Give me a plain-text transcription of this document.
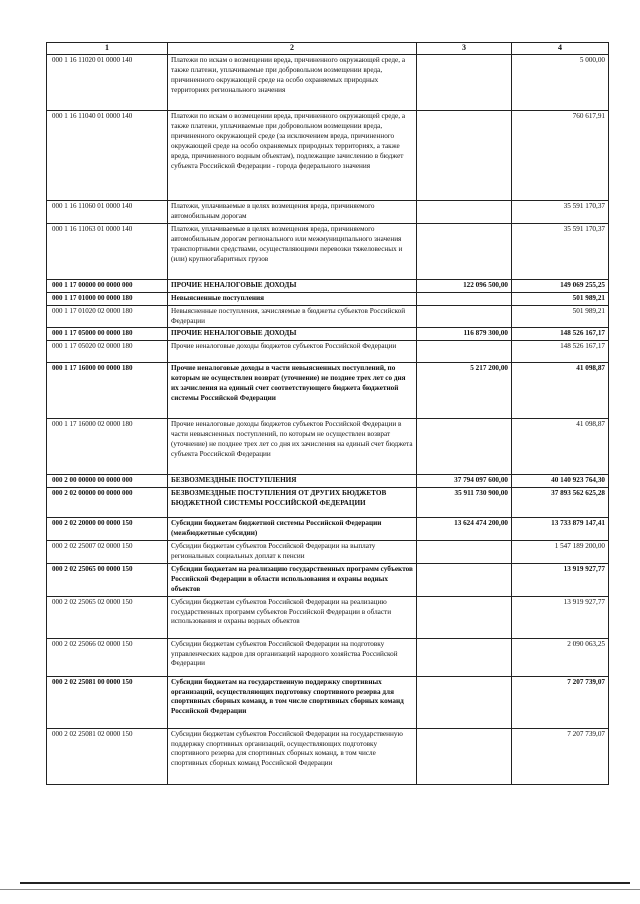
1	2	3	4
000 1 16 11020 01 0000 140	Платежи по искам о возмещении вреда, причиненного окружающей среде, а также платежи, уплачиваемые при добровольном возмещении вреда, причиненного окружающей среде на особо охраняемых природных территориях регионального значения		5 000,00
000 1 16 11040 01 0000 140	Платежи по искам о возмещении вреда, причиненного окружающей среде, а также платежи, уплачиваемые при добровольном возмещении вреда, причиненного окружающей среде (за исключением вреда, причиненного окружающей среде на особо охраняемых природных территориях, а также вреда, причиненного водным объектам), подлежащие зачислению в бюджет субъекта Российской Федерации - города федерального значения		760 617,91
000 1 16 11060 01 0000 140	Платежи, уплачиваемые в целях возмещения вреда, причиняемого автомобильным дорогам		35 591 170,37
000 1 16 11063 01 0000 140	Платежи, уплачиваемые в целях возмещения вреда, причиняемого автомобильным дорогам регионального или межмуниципального значения транспортными средствами, осуществляющими перевозки тяжеловесных и (или) крупногабаритных грузов		35 591 170,37
000 1 17 00000 00 0000 000	ПРОЧИЕ НЕНАЛОГОВЫЕ ДОХОДЫ	122 096 500,00	149 069 255,25
000 1 17 01000 00 0000 180	Невыясненные поступления		501 989,21
000 1 17 01020 02 0000 180	Невыясненные поступления, зачисляемые в бюджеты субъектов Российской Федерации		501 989,21
000 1 17 05000 00 0000 180	ПРОЧИЕ НЕНАЛОГОВЫЕ ДОХОДЫ	116 879 300,00	148 526 167,17
000 1 17 05020 02 0000 180	Прочие неналоговые доходы бюджетов субъектов Российской Федерации		148 526 167,17
000 1 17 16000 00 0000 180	Прочие неналоговые доходы в части невыясненных поступлений, по которым не осуществлен возврат (уточнение) не позднее трех лет со дня их зачисления на единый счет соответствующего бюджета бюджетной системы Российской Федерации	5 217 200,00	41 098,87
000 1 17 16000 02 0000 180	Прочие неналоговые доходы бюджетов субъектов Российской Федерации в части невыясненных поступлений, по которым не осуществлен возврат (уточнение) не позднее трех лет со дня их зачисления на единый счет бюджета субъекта Российской Федерации		41 098,87
000 2 00 00000 00 0000 000	БЕЗВОЗМЕЗДНЫЕ ПОСТУПЛЕНИЯ	37 794 097 600,00	40 140 923 764,30
000 2 02 00000 00 0000 000	БЕЗВОЗМЕЗДНЫЕ ПОСТУПЛЕНИЯ ОТ ДРУГИХ БЮДЖЕТОВ БЮДЖЕТНОЙ СИСТЕМЫ РОССИЙСКОЙ ФЕДЕРАЦИИ	35 911 730 900,00	37 893 562 625,28
000 2 02 20000 00 0000 150	Субсидии бюджетам бюджетной системы Российской Федерации (межбюджетные субсидии)	13 624 474 200,00	13 733 879 147,41
000 2 02 25007 02 0000 150	Субсидии бюджетам субъектов Российской Федерации на выплату региональных социальных доплат к пенсии		1 547 189 200,00
000 2 02 25065 00 0000 150	Субсидии бюджетам на реализацию государственных программ субъектов Российской Федерации в области использования и охраны водных объектов		13 919 927,77
000 2 02 25065 02 0000 150	Субсидии бюджетам субъектов Российской Федерации на реализацию государственных программ субъектов Российской Федерации в области использования и охраны водных объектов		13 919 927,77
000 2 02 25066 02 0000 150	Субсидии бюджетам субъектов Российской Федерации на подготовку управленческих кадров для организаций народного хозяйства Российской Федерации		2 090 063,25
000 2 02 25081 00 0000 150	Субсидии бюджетам на государственную поддержку спортивных организаций, осуществляющих подготовку спортивного резерва для спортивных сборных команд, в том числе спортивных сборных команд Российской Федерации		7 207 739,07
000 2 02 25081 02 0000 150	Субсидии бюджетам субъектов Российской Федерации на государственную поддержку спортивных организаций, осуществляющих подготовку спортивного резерва для спортивных сборных команд, в том числе спортивных сборных команд Российской Федерации		7 207 739,07
